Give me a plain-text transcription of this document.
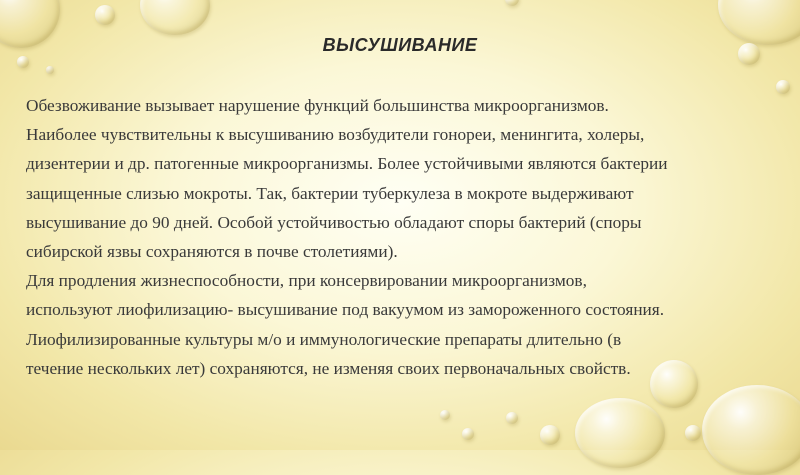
ВЫСУШИВАНИЕ
Обезвоживание вызывает нарушение функций большинства микроорганизмов.
Наиболее чувствительны к высушиванию возбудители гонореи, менингита, холеры,
дизентерии и др. патогенные микроорганизмы. Более устойчивыми являются бактерии
защищенные слизью мокроты. Так, бактерии туберкулеза в мокроте выдерживают
высушивание до 90 дней. Особой устойчивостью обладают споры бактерий (споры
сибирской язвы сохраняются в почве столетиями).
Для продления жизнеспособности, при консервировании микроорганизмов,
используют лиофилизацию- высушивание под вакуумом из замороженного состояния.
Лиофилизированные культуры м/о и иммунологические препараты длительно (в
течение нескольких лет) сохраняются, не изменяя своих первоначальных свойств.
